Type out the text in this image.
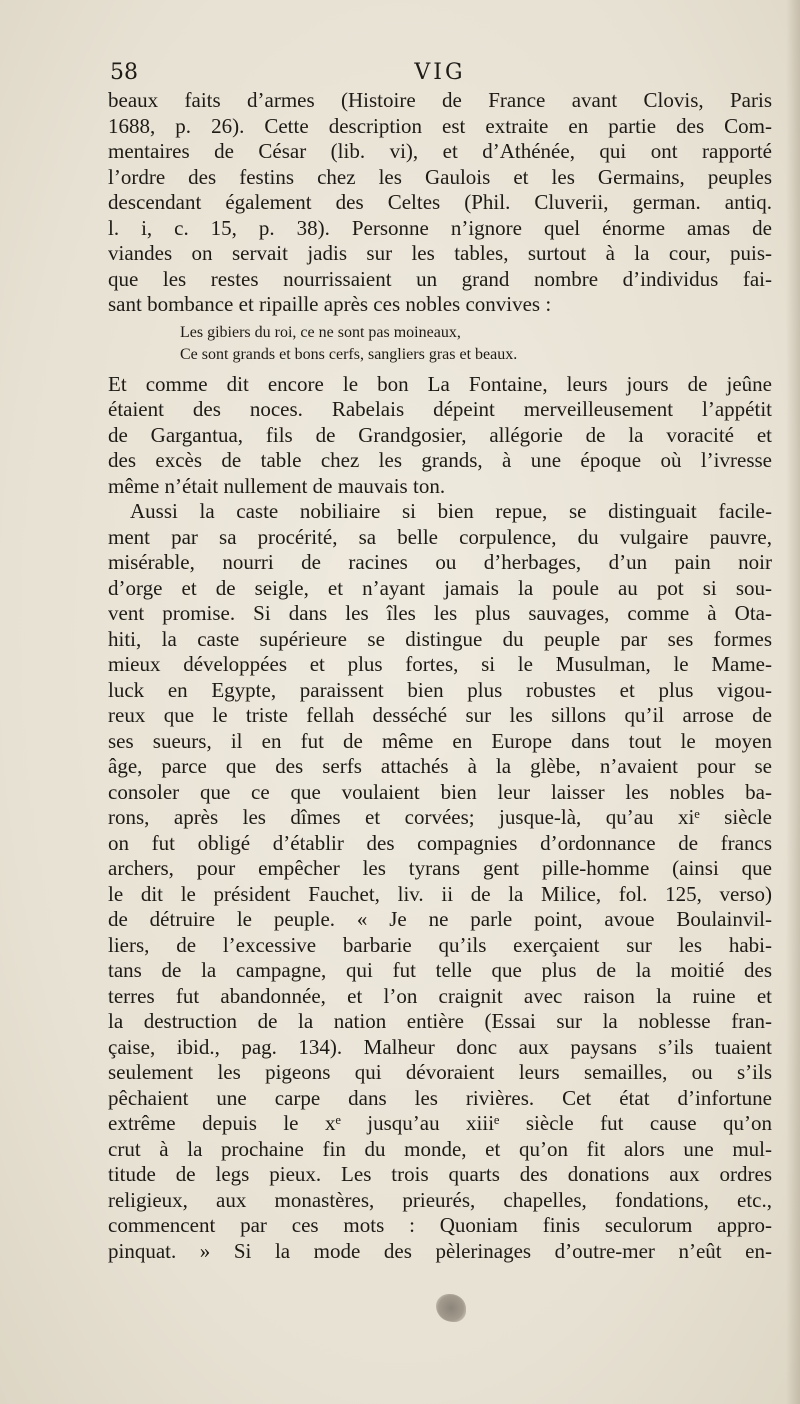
58	VIG
beaux faits d’armes (Histoire de France avant Clovis, Paris
1688, p. 26). Cette description est extraite en partie des Com-
mentaires de César (lib. vi), et d’Athénée, qui ont rapporté
l’ordre des festins chez les Gaulois et les Germains, peuples
descendant également des Celtes (Phil. Cluverii, german. antiq.
l. i, c. 15, p. 38). Personne n’ignore quel énorme amas de
viandes on servait jadis sur les tables, surtout à la cour, puis-
que les restes nourrissaient un grand nombre d’individus fai-
sant bombance et ripaille après ces nobles convives :
Les gibiers du roi, ce ne sont pas moineaux,
Ce sont grands et bons cerfs, sangliers gras et beaux.
Et comme dit encore le bon La Fontaine, leurs jours de jeûne
étaient des noces. Rabelais dépeint merveilleusement l’appétit
de Gargantua, fils de Grandgosier, allégorie de la voracité et
des excès de table chez les grands, à une époque où l’ivresse
même n’était nullement de mauvais ton.
Aussi la caste nobiliaire si bien repue, se distinguait facile-
ment par sa procérité, sa belle corpulence, du vulgaire pauvre,
misérable, nourri de racines ou d’herbages, d’un pain noir
d’orge et de seigle, et n’ayant jamais la poule au pot si sou-
vent promise. Si dans les îles les plus sauvages, comme à Ota-
hiti, la caste supérieure se distingue du peuple par ses formes
mieux développées et plus fortes, si le Musulman, le Mame-
luck en Egypte, paraissent bien plus robustes et plus vigou-
reux que le triste fellah desséché sur les sillons qu’il arrose de
ses sueurs, il en fut de même en Europe dans tout le moyen
âge, parce que des serfs attachés à la glèbe, n’avaient pour se
consoler que ce que voulaient bien leur laisser les nobles ba-
rons, après les dîmes et corvées; jusque-là, qu’au xiᵉ siècle
on fut obligé d’établir des compagnies d’ordonnance de francs
archers, pour empêcher les tyrans gent pille-homme (ainsi que
le dit le président Fauchet, liv. ii de la Milice, fol. 125, verso)
de détruire le peuple. « Je ne parle point, avoue Boulainvil-
liers, de l’excessive barbarie qu’ils exerçaient sur les habi-
tans de la campagne, qui fut telle que plus de la moitié des
terres fut abandonnée, et l’on craignit avec raison la ruine et
la destruction de la nation entière (Essai sur la noblesse fran-
çaise, ibid., pag. 134). Malheur donc aux paysans s’ils tuaient
seulement les pigeons qui dévoraient leurs semailles, ou s’ils
pêchaient une carpe dans les rivières. Cet état d’infortune
extrême depuis le xᵉ jusqu’au xiiiᵉ siècle fut cause qu’on
crut à la prochaine fin du monde, et qu’on fit alors une mul-
titude de legs pieux. Les trois quarts des donations aux ordres
religieux, aux monastères, prieurés, chapelles, fondations, etc.,
commencent par ces mots : Quoniam finis seculorum appro-
pinquat. » Si la mode des pèlerinages d’outre-mer n’eût en-
